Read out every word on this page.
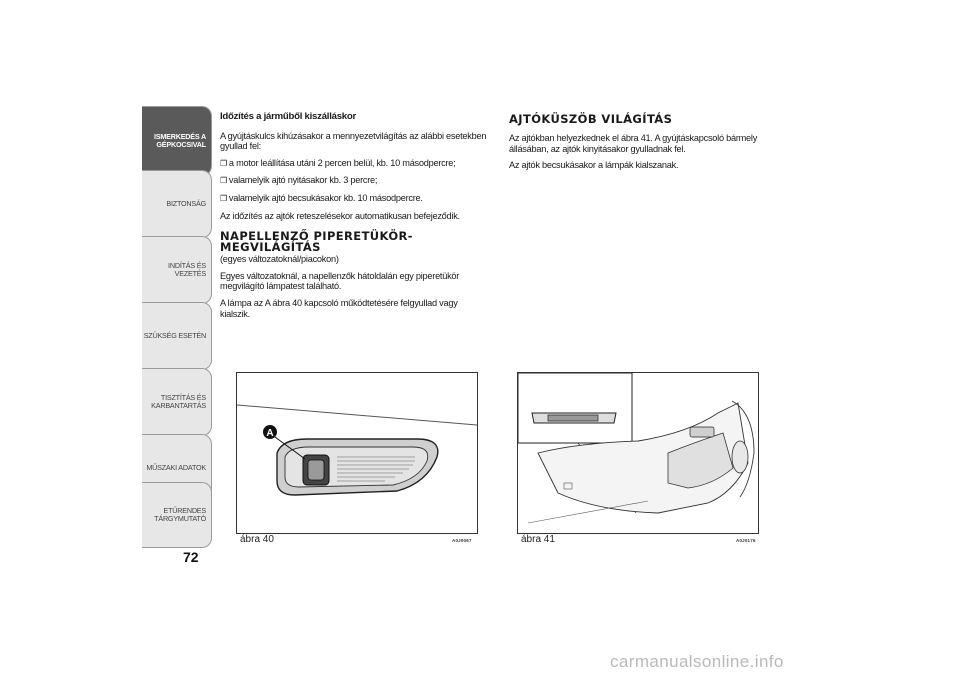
ISMERKEDÉS A
GÉPKOCSIVAL
BIZTONSÁG
INDÍTÁS ÉS VEZETÉS
SZÜKSÉG ESETÉN
TISZTÍTÁS ÉS
KARBANTARTÁS
MŰSZAKI ADATOK
ETŰRENDES
TÁRGYMUTATÓ
72

Időzítés a járműből kiszálláskor

A gyújtáskulcs kihúzásakor a mennyezetvilágítás az alábbi esetekben gyullad fel:

❒ a motor leállítása utáni 2 percen belül, kb. 10 másodpercre;

❒ valamelyik ajtó nyitásakor kb. 3 percre;

❒ valamelyik ajtó becsukásakor kb. 10 másodpercre.

Az időzítés az ajtók reteszelésekor automatikusan befejeződik.

NAPELLENZŐ PIPERETÜKÖR-MEGVILÁGÍTÁS

(egyes változatoknál/piacokon)

Egyes változatoknál, a napellenzők hátoldalán egy piperetükör megvilágító lámpatest található.

A lámpa az A ábra 40 kapcsoló működtetésére felgyullad vagy kialszik.

AJTÓKÜSZÖB VILÁGÍTÁS

Az ajtókban helyezkednek el ábra 41. A gyújtáskapcsoló bármely állásában, az ajtók kinyitásakor gyulladnak fel.

Az ajtók becsukásakor a lámpák kialszanak.

A
ábra 40	A0J0067	ábra 41	A0J0176
carmanualsonline.info
